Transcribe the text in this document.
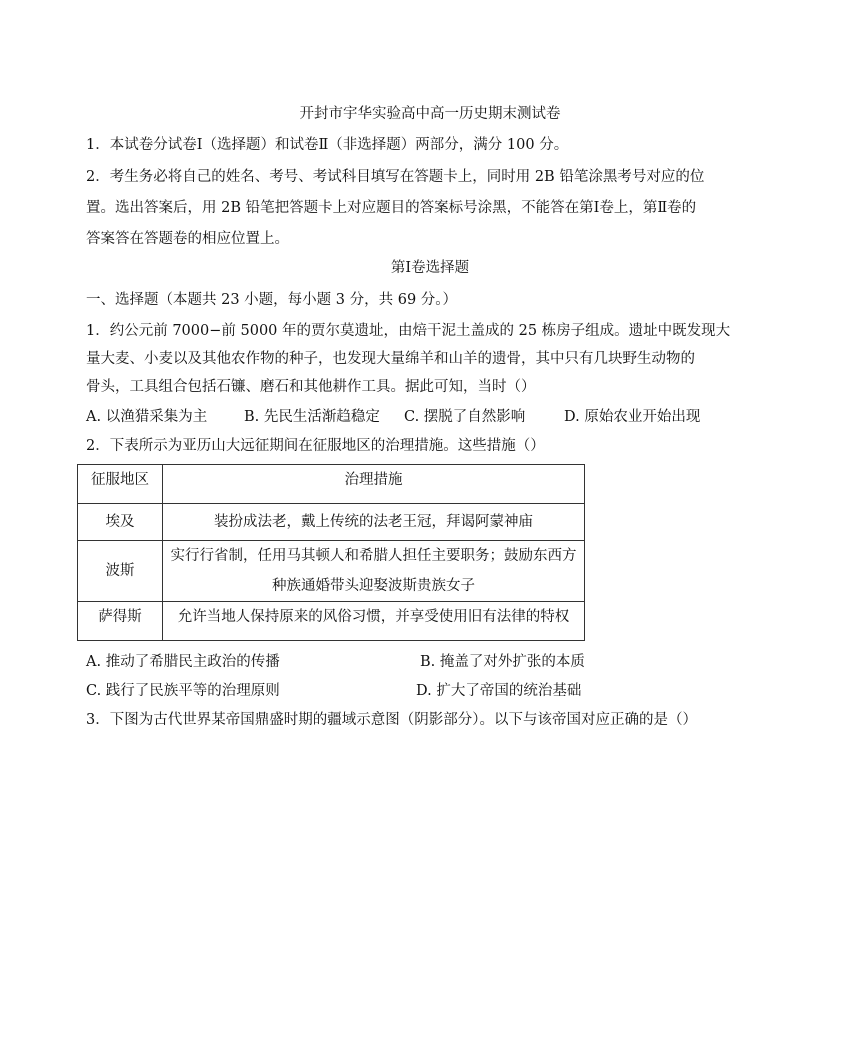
开封市宇华实验高中高一历史期末测试卷
1．本试卷分试卷Ⅰ（选择题）和试卷Ⅱ（非选择题）两部分，满分 100 分。
2．考生务必将自己的姓名、考号、考试科目填写在答题卡上，同时用 2B 铅笔涂黑考号对应的位
置。选出答案后，用 2B 铅笔把答题卡上对应题目的答案标号涂黑，不能答在第Ⅰ卷上，第Ⅱ卷的
答案答在答题卷的相应位置上。
第Ⅰ卷选择题
一、选择题（本题共 23 小题，每小题 3 分，共 69 分。）
1．约公元前 7000−前 5000 年的贾尔莫遗址，由焙干泥土盖成的 25 栋房子组成。遗址中既发现大
量大麦、小麦以及其他农作物的种子，也发现大量绵羊和山羊的遗骨，其中只有几块野生动物的
骨头，工具组合包括石镰、磨石和其他耕作工具。据此可知，当时（）
A. 以渔猎采集为主	B. 先民生活渐趋稳定 C. 摆脱了自然影响	D. 原始农业开始出现
2．下表所示为亚历山大远征期间在征服地区的治理措施。这些措施（）
征服地区	治理措施
埃及	装扮成法老，戴上传统的法老王冠，拜谒阿蒙神庙

波斯	实行行省制，任用马其顿人和希腊人担任主要职务；鼓励东西方
种族通婚带头迎娶波斯贵族女子

萨得斯	允许当地人保持原来的风俗习惯，并享受使用旧有法律的特权
A. 推动了希腊民主政治的传播	B. 掩盖了对外扩张的本质
C. 践行了民族平等的治理原则	D. 扩大了帝国的统治基础
3．下图为古代世界某帝国鼎盛时期的疆域示意图（阴影部分）。以下与该帝国对应正确的是（）
